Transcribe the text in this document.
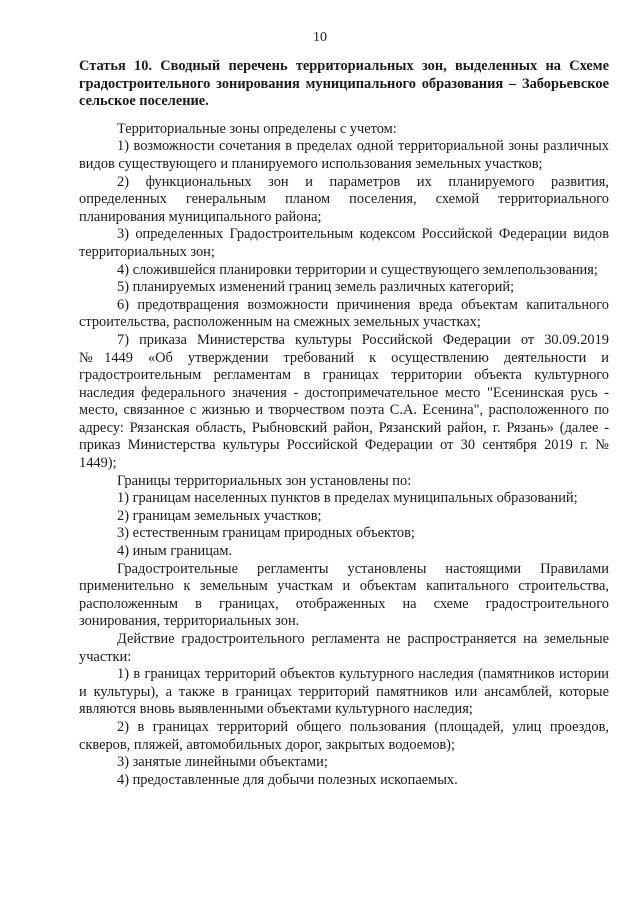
10

Статья 10. Сводный перечень территориальных зон, выделенных на Схеме градостроительного зонирования муниципального образования – Заборьевское сельское поселение.

Территориальные зоны определены с учетом:

1) возможности сочетания в пределах одной территориальной зоны различных видов существующего и планируемого использования земельных участков;

2) функциональных зон и параметров их планируемого развития, определенных генеральным планом поселения, схемой территориального планирования муниципального района;

3) определенных Градостроительным кодексом Российской Федерации видов территориальных зон;

4) сложившейся планировки территории и существующего землепользования;

5) планируемых изменений границ земель различных категорий;

6) предотвращения возможности причинения вреда объектам капитального строительства, расположенным на смежных земельных участках;

7) приказа Министерства культуры Российской Федерации от 30.09.2019 №1449 «Об утверждении требований к осуществлению деятельности и градостроительным регламентам в границах территории объекта культурного наследия федерального значения - достопримечательное место "Есенинская русь - место, связанное с жизнью и творчеством поэта С.А. Есенина", расположенного по адресу: Рязанская область, Рыбновский район, Рязанский район, г. Рязань» (далее - приказ Министерства культуры Российской Федерации от 30 сентября 2019 г. № 1449);

Границы территориальных зон установлены по:

1) границам населенных пунктов в пределах муниципальных образований;

2) границам земельных участков;

3) естественным границам природных объектов;

4) иным границам.

Градостроительные регламенты установлены настоящими Правилами применительно к земельным участкам и объектам капитального строительства, расположенным в границах, отображенных на схеме градостроительного зонирования, территориальных зон.

Действие градостроительного регламента не распространяется на земельные участки:

1) в границах территорий объектов культурного наследия (памятников истории и культуры), а также в границах территорий памятников или ансамблей, которые являются вновь выявленными объектами культурного наследия;

2) в границах территорий общего пользования (площадей, улиц проездов, скверов, пляжей, автомобильных дорог, закрытых водоемов);

3) занятые линейными объектами;

4) предоставленные для добычи полезных ископаемых.
